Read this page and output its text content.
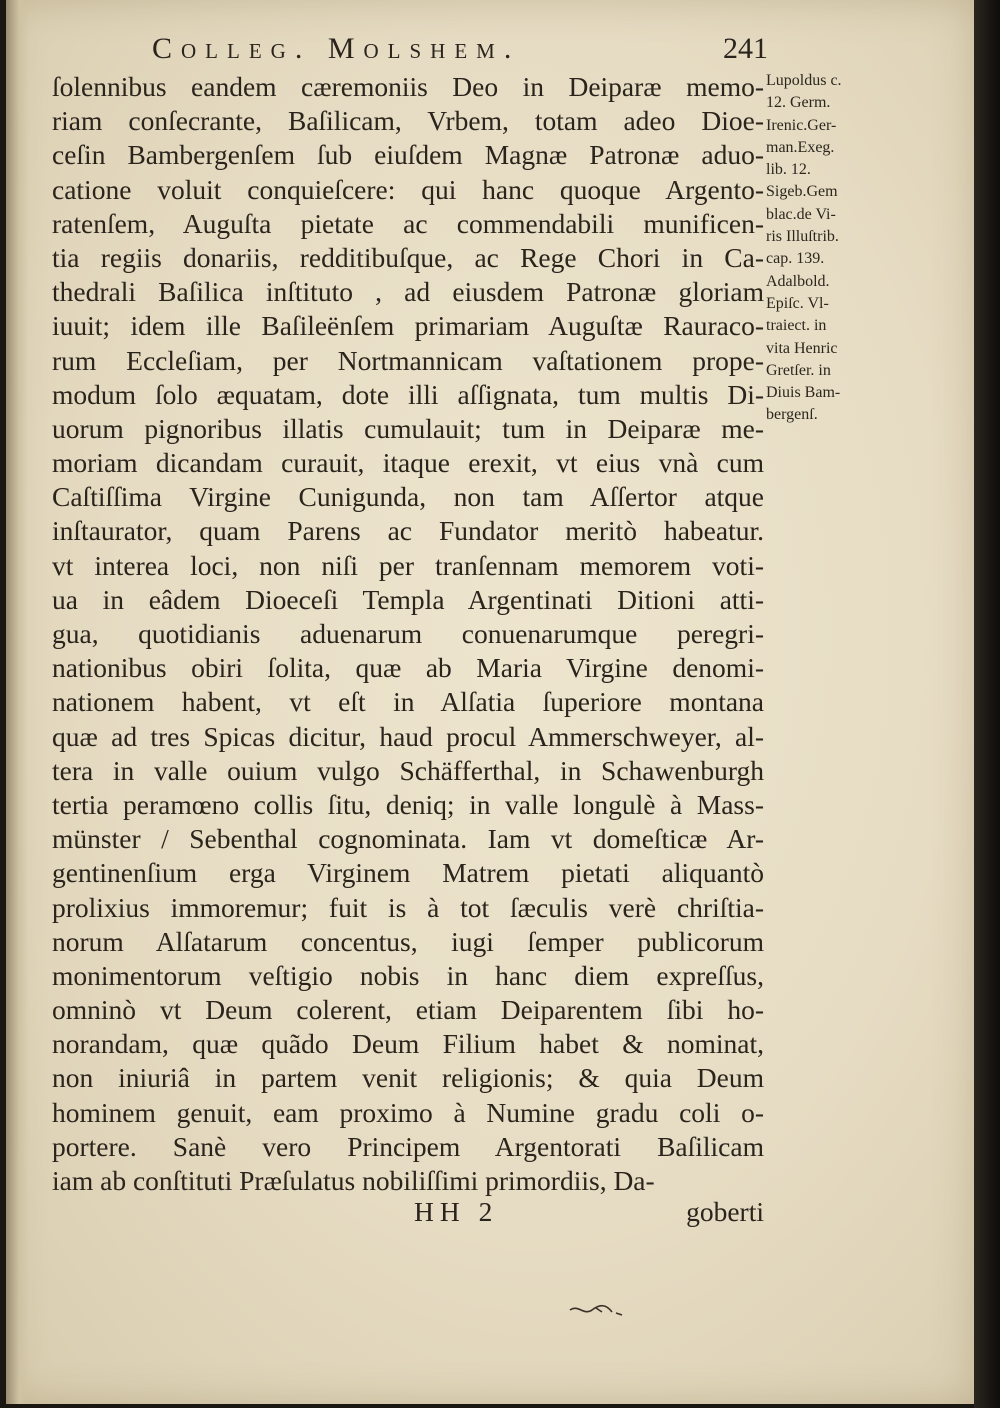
Colleg. Molshem.	241
ſolennibus eandem cæremoniis Deo in Deiparæ memo-
riam conſecrante, Baſilicam, Vrbem, totam adeo Dioe-
ceſin Bambergenſem ſub eiuſdem Magnæ Patronæ aduo-
catione voluit conquieſcere: qui hanc quoque Argento-
ratenſem, Auguſta pietate ac commendabili munificen-
tia regiis donariis, redditibuſque, ac Rege Chori in Ca-
thedrali Baſilica inſtituto , ad eiusdem Patronæ gloriam
iuuit; idem ille Baſileënſem primariam Auguſtæ Rauraco-
rum Eccleſiam, per Nortmannicam vaſtationem prope-
modum ſolo æquatam, dote illi aſſignata, tum multis Di-
uorum pignoribus illatis cumulauit; tum in Deiparæ me-
moriam dicandam curauit, itaque erexit, vt eius vnà cum
Caſtiſſima Virgine Cunigunda, non tam Aſſertor atque
inſtaurator, quam Parens ac Fundator meritò habeatur.
vt interea loci, non niſi per tranſennam memorem voti-
ua in eâdem Dioeceſi Templa Argentinati Ditioni atti-
gua, quotidianis aduenarum conuenarumque peregri-
nationibus obiri ſolita, quæ ab Maria Virgine denomi-
nationem habent, vt eſt in Alſatia ſuperiore montana
quæ ad tres Spicas dicitur, haud procul Ammerschweyer, al-
tera in valle ouium vulgo Schäfferthal, in Schawenburgh
tertia peramœno collis ſitu, deniq; in valle longulè à Mass-
münster / Sebenthal cognominata. Iam vt domeſticæ Ar-
gentinenſium erga Virginem Matrem pietati aliquantò
prolixius immoremur; fuit is à tot ſæculis verè chriſtia-
norum Alſatarum concentus, iugi ſemper publicorum
monimentorum veſtigio nobis in hanc diem expreſſus,
omninò vt Deum colerent, etiam Deiparentem ſibi ho-
norandam, quæ quãdo Deum Filium habet & nominat,
non iniuriâ in partem venit religionis; & quia Deum
hominem genuit, eam proximo à Numine gradu coli o-
portere. Sanè vero Principem Argentorati Baſilicam
iam ab conſtituti Præſulatus nobiliſſimi primordiis, Da-
Lupoldus c.
12. Germ.
Irenic.Ger-
man.Exeg.
lib. 12.
Sigeb.Gem
blac.de Vi-
ris Illuſtrib.
cap. 139.
Adalbold.
Epiſc. Vl-
traiect. in
vita Henric
Gretſer. in
Diuis Bam-
bergenſ.
HH 2	goberti
